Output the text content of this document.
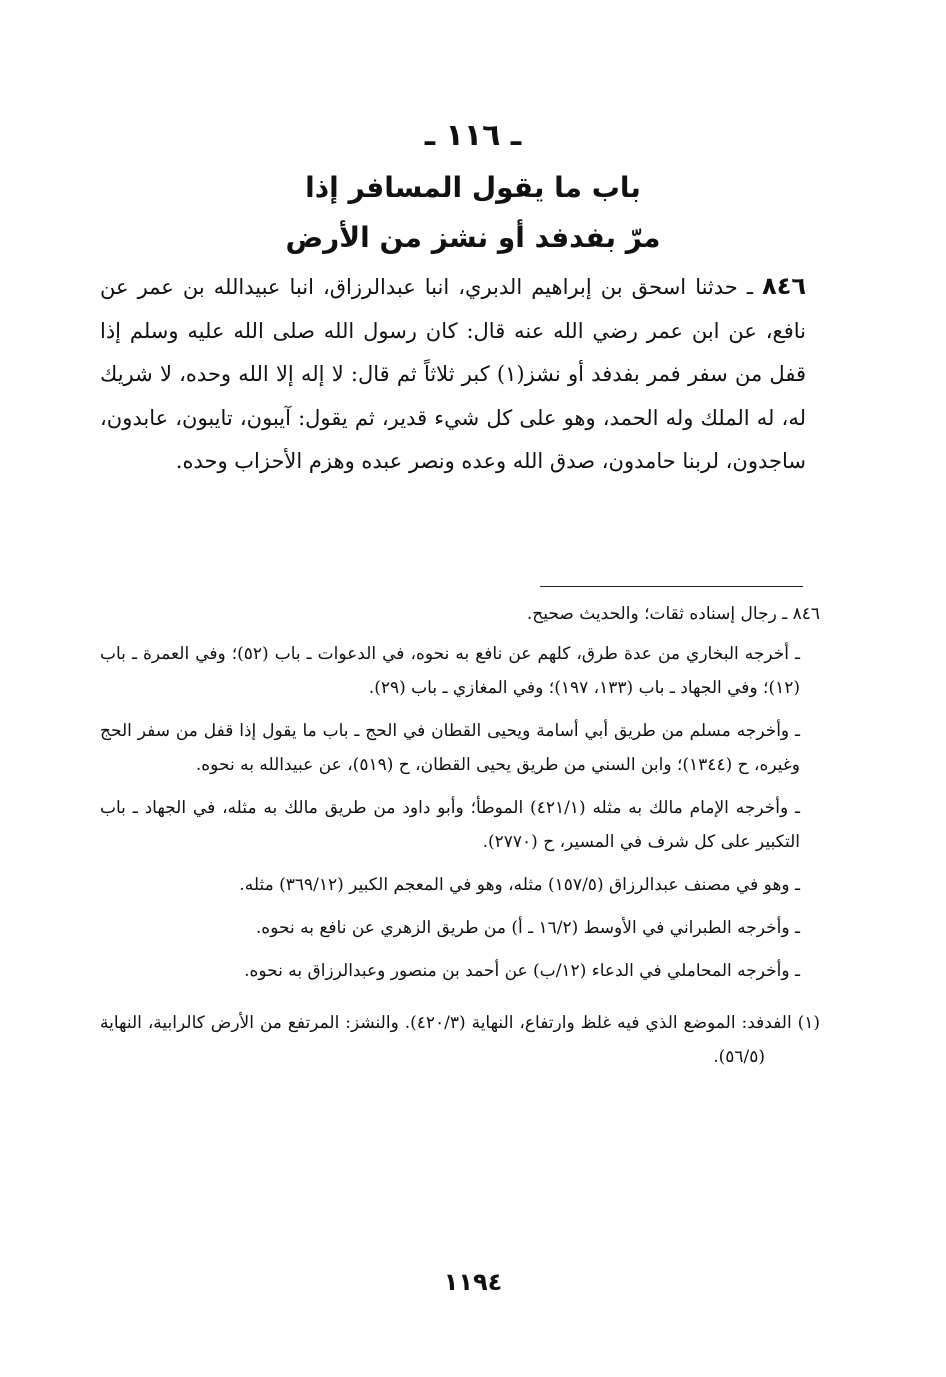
ـ ١١٦ ـ
باب ما يقول المسافر إذا
مرّ بفدفد أو نشز من الأرض

٨٤٦ ـ حدثنا اسحق بن إبراهيم الدبري، انبا عبدالرزاق، انبا عبيدالله بن عمر عن نافع، عن ابن عمر رضي الله عنه قال: كان رسول الله صلى الله عليه وسلم إذا قفل من سفر فمر بفدفد أو نشز(١) كبر ثلاثاً ثم قال: لا إله إلا الله وحده، لا شريك له، له الملك وله الحمد، وهو على كل شيء قدير، ثم يقول: آيبون، تايبون، عابدون، ساجدون، لربنا حامدون، صدق الله وعده ونصر عبده وهزم الأحزاب وحده.

٨٤٦ ـ رجال إسناده ثقات؛ والحديث صحيح.
ـ أخرجه البخاري من عدة طرق، كلهم عن نافع به نحوه، في الدعوات ـ باب (٥٢)؛ وفي العمرة ـ باب (١٢)؛ وفي الجهاد ـ باب (١٣٣، ١٩٧)؛ وفي المغازي ـ باب (٢٩).
ـ وأخرجه مسلم من طريق أبي أسامة ويحيى القطان في الحج ـ باب ما يقول إذا قفل من سفر الحج وغيره، ح (١٣٤٤)؛ وابن السني من طريق يحيى القطان، ح (٥١٩)، عن عبيدالله به نحوه.
ـ وأخرجه الإمام مالك به مثله (٤٢١/١) الموطأ؛ وأبو داود من طريق مالك به مثله، في الجهاد ـ باب التكبير على كل شرف في المسير، ح (٢٧٧٠).
ـ وهو في مصنف عبدالرزاق (١٥٧/٥) مثله، وهو في المعجم الكبير (٣٦٩/١٢) مثله.
ـ وأخرجه الطبراني في الأوسط (١٦/٢ ـ أ) من طريق الزهري عن نافع به نحوه.
ـ وأخرجه المحاملي في الدعاء (١٢/ب) عن أحمد بن منصور وعبدالرزاق به نحوه.
(١) الفدفد: الموضع الذي فيه غلظ وارتفاع، النهاية (٤٢٠/٣). والنشز: المرتفع من الأرض كالرابية، النهاية (٥٦/٥).
١١٩٤
